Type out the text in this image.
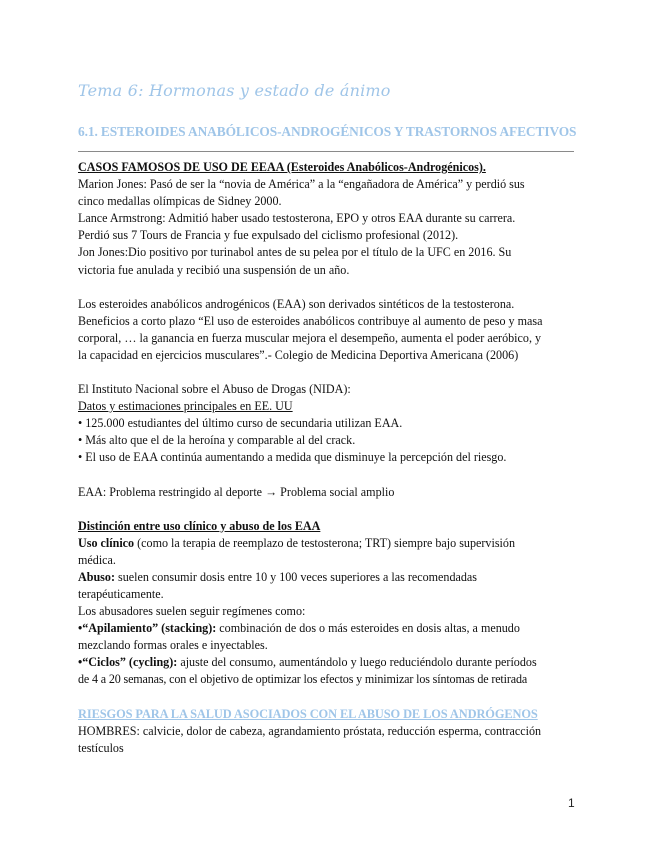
Tema 6: Hormonas y estado de ánimo
6.1. ESTEROIDES ANABÓLICOS-ANDROGÉNICOS Y TRASTORNOS AFECTIVOS

CASOS FAMOSOS DE USO DE EEAA (Esteroides Anabólicos-Androgénicos).

Marion Jones: Pasó de ser la “novia de América” a la “engañadora de América” y perdió sus

cinco medallas olímpicas de Sidney 2000.

Lance Armstrong: Admitió haber usado testosterona, EPO y otros EAA durante su carrera.

Perdió sus 7 Tours de Francia y fue expulsado del ciclismo profesional (2012).

Jon Jones:Dio positivo por turinabol antes de su pelea por el título de la UFC en 2016. Su

victoria fue anulada y recibió una suspensión de un año.

Los esteroides anabólicos androgénicos (EAA) son derivados sintéticos de la testosterona.

Beneficios a corto plazo “El uso de esteroides anabólicos contribuye al aumento de peso y masa

corporal, … la ganancia en fuerza muscular mejora el desempeño, aumenta el poder aeróbico, y

la capacidad en ejercicios musculares”.- Colegio de Medicina Deportiva Americana (2006)

El Instituto Nacional sobre el Abuso de Drogas (NIDA):

Datos y estimaciones principales en EE. UU

• 125.000 estudiantes del último curso de secundaria utilizan EAA.

• Más alto que el de la heroína y comparable al del crack.

• El uso de EAA continúa aumentando a medida que disminuye la percepción del riesgo.

EAA: Problema restringido al deporte → Problema social amplio

Distinción entre uso clínico y abuso de los EAA

Uso clínico (como la terapia de reemplazo de testosterona; TRT) siempre bajo supervisión

médica.

Abuso: suelen consumir dosis entre 10 y 100 veces superiores a las recomendadas

terapéuticamente.

Los abusadores suelen seguir regímenes como:

•“Apilamiento” (stacking): combinación de dos o más esteroides en dosis altas, a menudo

mezclando formas orales e inyectables.

•“Ciclos” (cycling): ajuste del consumo, aumentándolo y luego reduciéndolo durante períodos

de 4 a 20 semanas, con el objetivo de optimizar los efectos y minimizar los síntomas de retirada

RIESGOS PARA LA SALUD ASOCIADOS CON EL ABUSO DE LOS ANDRÓGENOS

HOMBRES: calvicie, dolor de cabeza, agrandamiento próstata, reducción esperma, contracción

testículos

1
